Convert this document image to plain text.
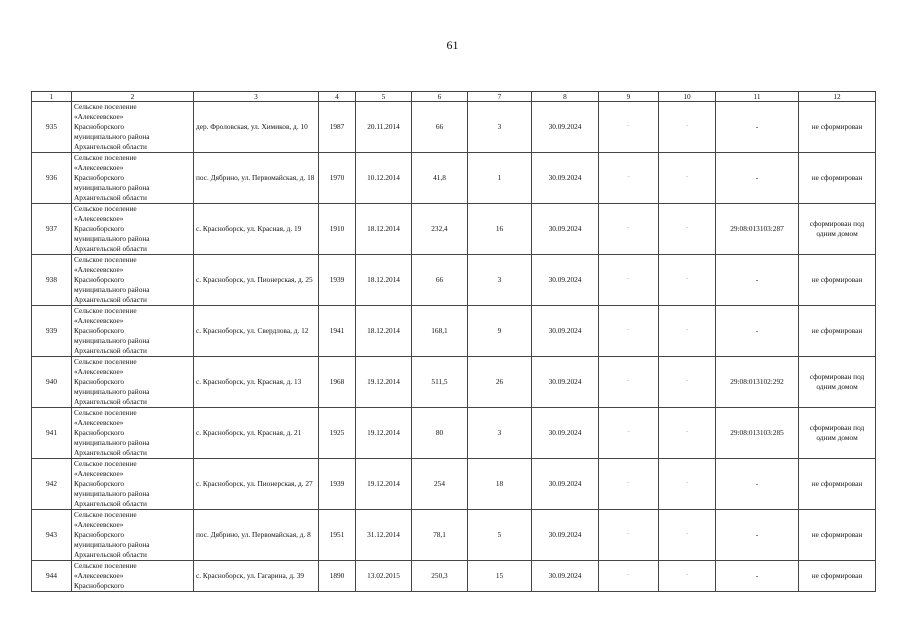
61
1	2	3	4	5	6	7	8	9	10	11	12
935	Сельское поселение
«Алексеевское»
Красноборского
муниципального района
Архангельской области	дер. Фроловская, ул. Химиков, д. 10	1987	20.11.2014	66	3	30.09.2024	-	-	-	не сформирован
936	Сельское поселение
«Алексеевское»
Красноборского
муниципального района
Архангельской области	пос. Дябрино, ул. Первомайская, д. 18	1970	10.12.2014	41,8	1	30.09.2024	-	-	-	не сформирован
937	Сельское поселение
«Алексеевское»
Красноборского
муниципального района
Архангельской области	с. Красноборск, ул. Красная, д. 19	1910	18.12.2014	232,4	16	30.09.2024	-	-	29:08:013103:287	сформирован под одним домом
938	Сельское поселение
«Алексеевское»
Красноборского
муниципального района
Архангельской области	с. Красноборск, ул. Пионерская, д. 25	1939	18.12.2014	66	3	30.09.2024	-	-	-	не сформирован
939	Сельское поселение
«Алексеевское»
Красноборского
муниципального района
Архангельской области	с. Красноборск, ул. Свердлова, д. 12	1941	18.12.2014	168,1	9	30.09.2024	-	-	-	не сформирован
940	Сельское поселение
«Алексеевское»
Красноборского
муниципального района
Архангельской области	с. Красноборск, ул. Красная, д. 13	1968	19.12.2014	511,5	26	30.09.2024	-	-	29:08:013102:292	сформирован под одним домом
941	Сельское поселение
«Алексеевское»
Красноборского
муниципального района
Архангельской области	с. Красноборск, ул. Красная, д. 21	1925	19.12.2014	80	3	30.09.2024	-	-	29:08:013103:285	сформирован под одним домом
942	Сельское поселение
«Алексеевское»
Красноборского
муниципального района
Архангельской области	с. Красноборск, ул. Пионерская, д. 27	1939	19.12.2014	254	18	30.09.2024	-	-	-	не сформирован
943	Сельское поселение
«Алексеевское»
Красноборского
муниципального района
Архангельской области	пос. Дябрино, ул. Первомайская, д. 8	1951	31.12.2014	78,1	5	30.09.2024	-	-	-	не сформирован
944	Сельское поселение
«Алексеевское»
Красноборского	с. Красноборск, ул. Гагарина, д. 39	1890	13.02.2015	250,3	15	30.09.2024	-	-	-	не сформирован
